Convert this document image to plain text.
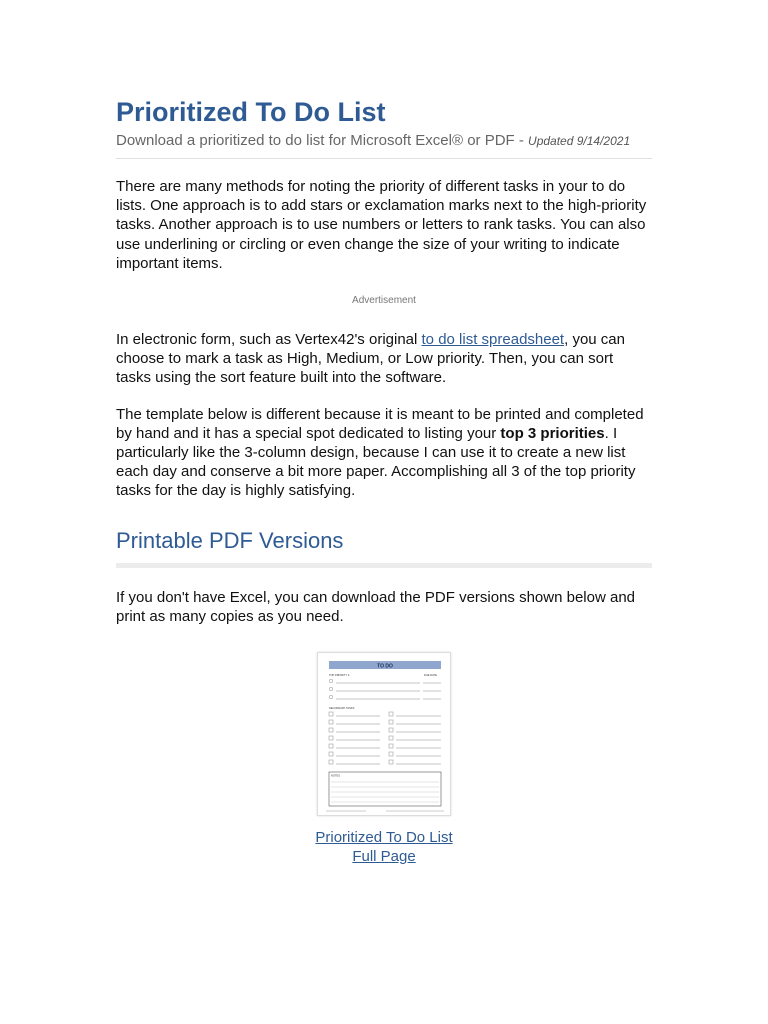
Prioritized To Do List
Download a prioritized to do list for Microsoft Excel® or PDF - Updated 9/14/2021

There are many methods for noting the priority of different tasks in your to do lists. One approach is to add stars or exclamation marks next to the high-priority tasks. Another approach is to use numbers or letters to rank tasks. You can also use underlining or circling or even change the size of your writing to indicate important items.

Advertisement

In electronic form, such as Vertex42's original to do list spreadsheet, you can choose to mark a task as High, Medium, or Low priority. Then, you can sort tasks using the sort feature built into the software.

The template below is different because it is meant to be printed and completed by hand and it has a special spot dedicated to listing your top 3 priorities. I particularly like the 3-column design, because I can use it to create a new list each day and conserve a bit more paper. Accomplishing all 3 of the top priority tasks for the day is highly satisfying.

Printable PDF Versions

If you don't have Excel, you can download the PDF versions shown below and print as many copies as you need.

TO DO
TOP PRIORITY 3	DUE DATE
SECONDARY TASKS
NOTES
Prioritized To Do List
Full Page
